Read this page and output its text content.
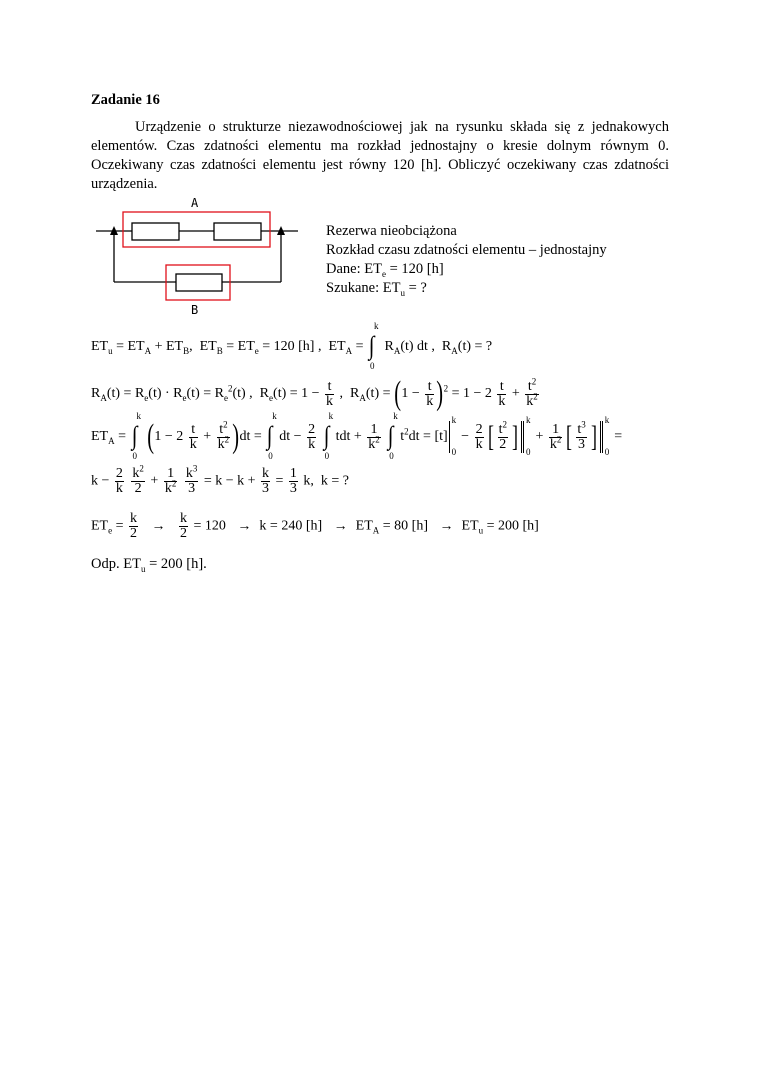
Zadanie 16
Urządzenie o strukturze niezawodnościowej jak na rysunku składa się z jednakowych elementów. Czas zdatności elementu ma rozkład jednostajny o kresie dolnym równym 0. Oczekiwany czas zdatności elementu jest równy 120 [h]. Obliczyć oczekiwany czas zdatności urządzenia.
A
B
Rezerwa nieobciążona
Rozkład czasu zdatności elementu – jednostajny
Dane: $ET_e = 120$ [h]
Szukane: $ET_u$ = ?
$ET_u = ET_A + ET_B$,  $ET_B = ET_e = 120$ [h] ,  $ET_A$ = ∫
k
0
$R_A(t)$ dt ,  $R_A(t)$ = ?
$R_A(t) = R_e(t) \cdot R_e(t) = R_e^2(t)$ ,  $R_e(t) = 1 - \frac{t}{k}$ ,  $R_A(t) = (1 - \frac{t}{k} )^2 = 1 - 2 \frac{t}{k} + \frac{t^2}{k^2}$
$ET_A$ = ∫
k
0
$(1 - 2 \frac{t}{k} + \frac{t^2}{k^2} )dt$ = ∫
k
0
dt − $\frac{2}{k}$
∫
k
0
tdt + $\frac{1}{k^2}$
∫
k
0
$t^2dt = [t]$
k
0
− $\frac{2}{k}$ [ $\frac{t^2}{2}$ ] k
0
+ $\frac{1}{k^2}$ [ $\frac{t^3}{3}$ ] k
0
=
$k - \frac{2}{k}$
$\frac{k^2}{2} + \frac{1}{k^2}$
$\frac{k^3}{3} = k - k + \frac{k}{3} = \frac{1}{3} k$,  k = ?
$ET_e = \frac{k}{2} \to \frac{k}{2} = 120 \to k = 240$ $[h] \to ET_A = 80$ $[h] \to ET_u = 200$ [h]
Odp. $ET_u = 200$ [h].
